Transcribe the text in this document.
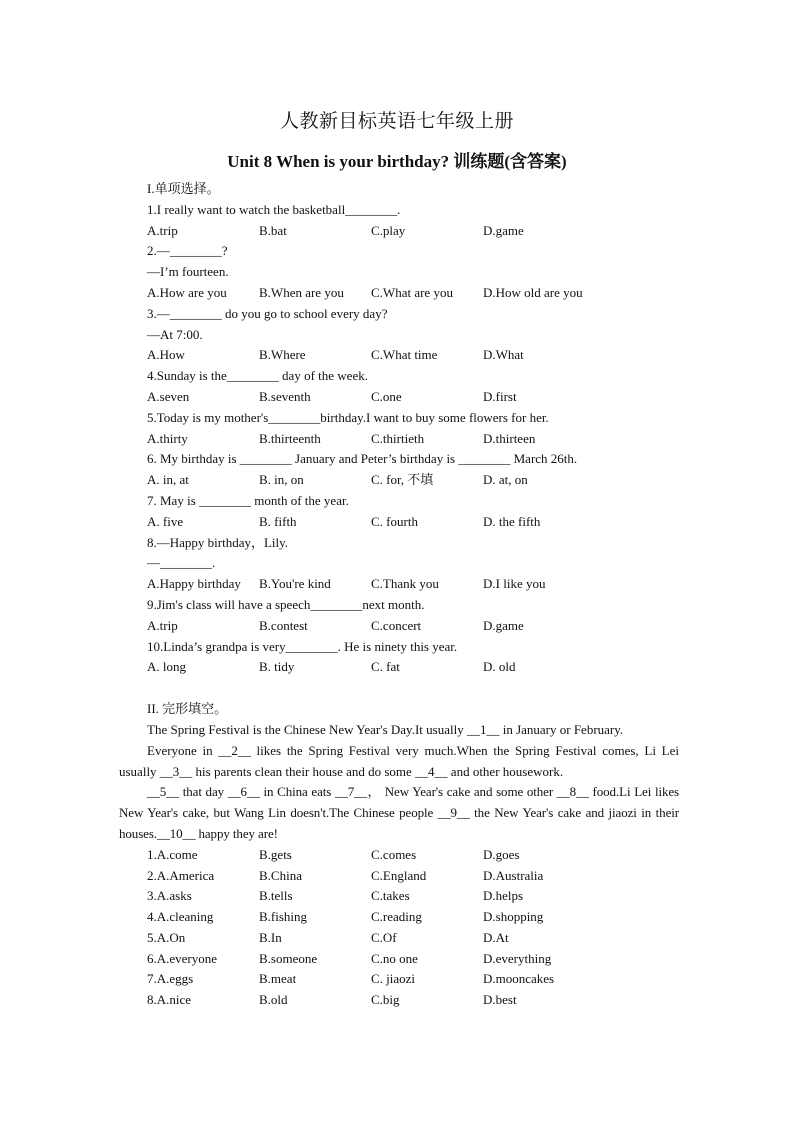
人教新目标英语七年级上册
Unit 8 When is your birthday? 训练题(含答案)
I.单项选择。
1.I really want to watch the basketball________.
A.trip	B.bat	C.play	D.game
2.—________?
—I’m fourteen.
A.How are you	B.When are you	C.What are you	D.How old are you
3.—________ do you go to school every day?
—At 7:00.
A.How	B.Where	C.What time	D.What
4.Sunday is the________ day of the week.
A.seven	B.seventh	C.one	D.first
5.Today is my mother's________birthday.I want to buy some flowers for her.
A.thirty	B.thirteenth	C.thirtieth	D.thirteen
6. My birthday is ________ January and Peter’s birthday is ________ March 26th.
A. in, at	B. in, on	C. for, 不填	D. at, on
7. May is ________ month of the year.
A. five	B. fifth	C. fourth	D. the fifth
8.—Happy birthday，Lily.
—________.
A.Happy birthday	B.You're kind	C.Thank you	D.I like you
9.Jim's class will have a speech________next month.
A.trip	B.contest	C.concert	D.game
10.Linda’s grandpa is very________. He is ninety this year.
A. long	B. tidy	C. fat	D. old
II. 完形填空。
The Spring Festival is the Chinese New Year's Day.It usually __1__ in January or February.
Everyone in __2__ likes the Spring Festival very much.When the Spring Festival comes, Li Lei usually __3__ his parents clean their house and do some __4__ and other housework.
__5__ that day __6__ in China eats __7__， New Year's cake and some other __8__ food.Li Lei likes New Year's cake, but Wang Lin doesn't.The Chinese people __9__ the New Year's cake and jiaozi in their houses.__10__ happy they are!
1.A.come	B.gets	C.comes	D.goes
2.A.America	B.China	C.England	D.Australia
3.A.asks	B.tells	C.takes	D.helps
4.A.cleaning	B.fishing	C.reading	D.shopping
5.A.On	B.In	C.Of	D.At
6.A.everyone	B.someone	C.no one	D.everything
7.A.eggs	B.meat	C. jiaozi	D.mooncakes
8.A.nice	B.old	C.big	D.best
